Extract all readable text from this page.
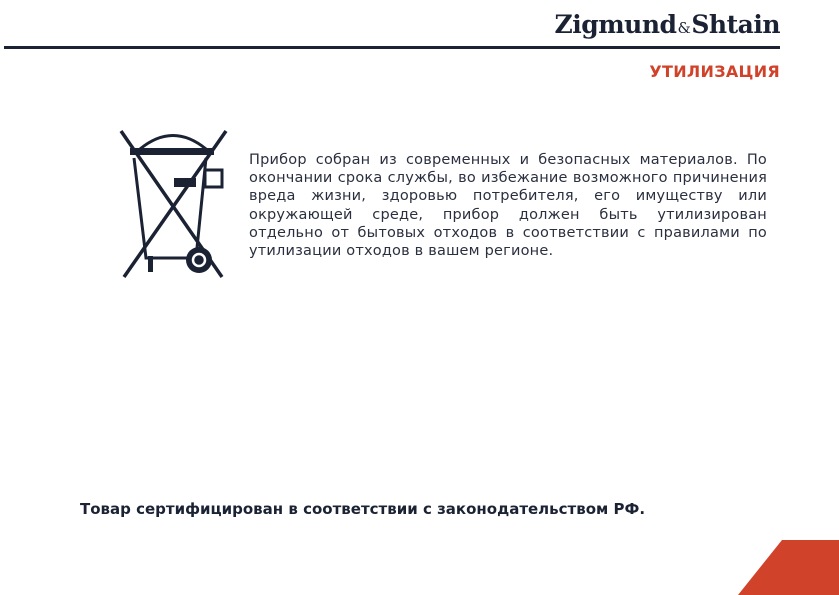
Zigmund&Shtain
УТИЛИЗАЦИЯ
Прибор собран из современных и безопасных материалов. По окончании срока службы, во избежание возможного причинения вреда жизни, здоровью потребителя, его имуществу или окружающей среде, прибор должен быть утилизирован отдельно от бытовых отходов в соответствии с правилами по утилизации отходов в вашем регионе.
Товар сертифицирован в соответствии с законодательством РФ.
